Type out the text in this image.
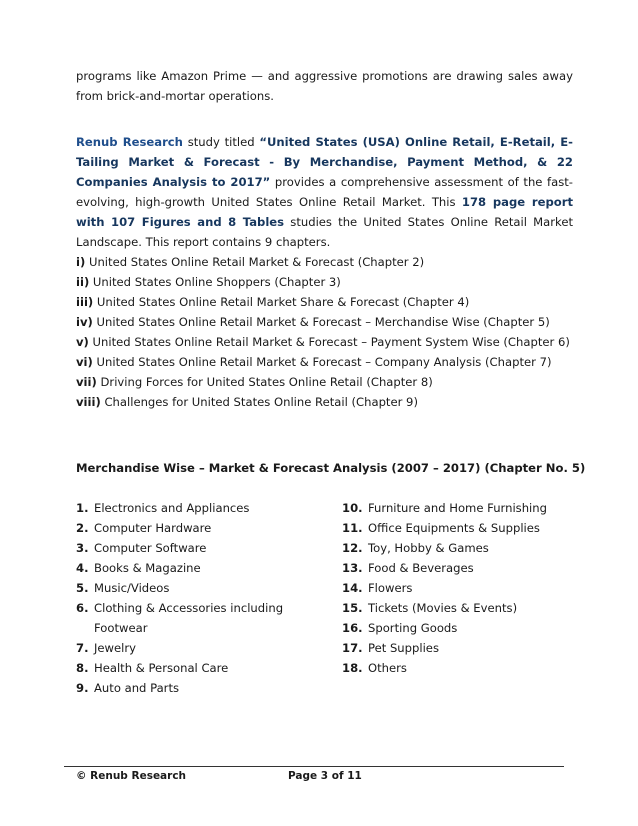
programs like Amazon Prime — and aggressive promotions are drawing sales away from brick-and-mortar operations.
Renub Research study titled “United States (USA) Online Retail, E-Retail, E-Tailing Market & Forecast - By Merchandise, Payment Method, & 22 Companies Analysis to 2017” provides a comprehensive assessment of the fast-evolving, high-growth United States Online Retail Market. This 178 page report with 107 Figures and 8 Tables studies the United States Online Retail Market Landscape. This report contains 9 chapters.
i) United States Online Retail Market & Forecast (Chapter 2)
ii) United States Online Shoppers (Chapter 3)
iii) United States Online Retail Market Share & Forecast (Chapter 4)
iv) United States Online Retail Market & Forecast – Merchandise Wise (Chapter 5)
v) United States Online Retail Market & Forecast – Payment System Wise (Chapter 6)
vi) United States Online Retail Market & Forecast – Company Analysis (Chapter 7)
vii) Driving Forces for United States Online Retail (Chapter 8)
viii) Challenges for United States Online Retail (Chapter 9)
Merchandise Wise – Market & Forecast Analysis (2007 – 2017) (Chapter No. 5)
1. Electronics and Appliances
2. Computer Hardware
3. Computer Software
4. Books & Magazine
5. Music/Videos
6. Clothing & Accessories including
Footwear
7. Jewelry
8. Health & Personal Care
9. Auto and Parts
10. Furniture and Home Furnishing
11. Office Equipments & Supplies
12. Toy, Hobby & Games
13. Food & Beverages
14. Flowers
15. Tickets (Movies & Events)
16. Sporting Goods
17. Pet Supplies
18. Others
© Renub Research	Page 3 of 11
